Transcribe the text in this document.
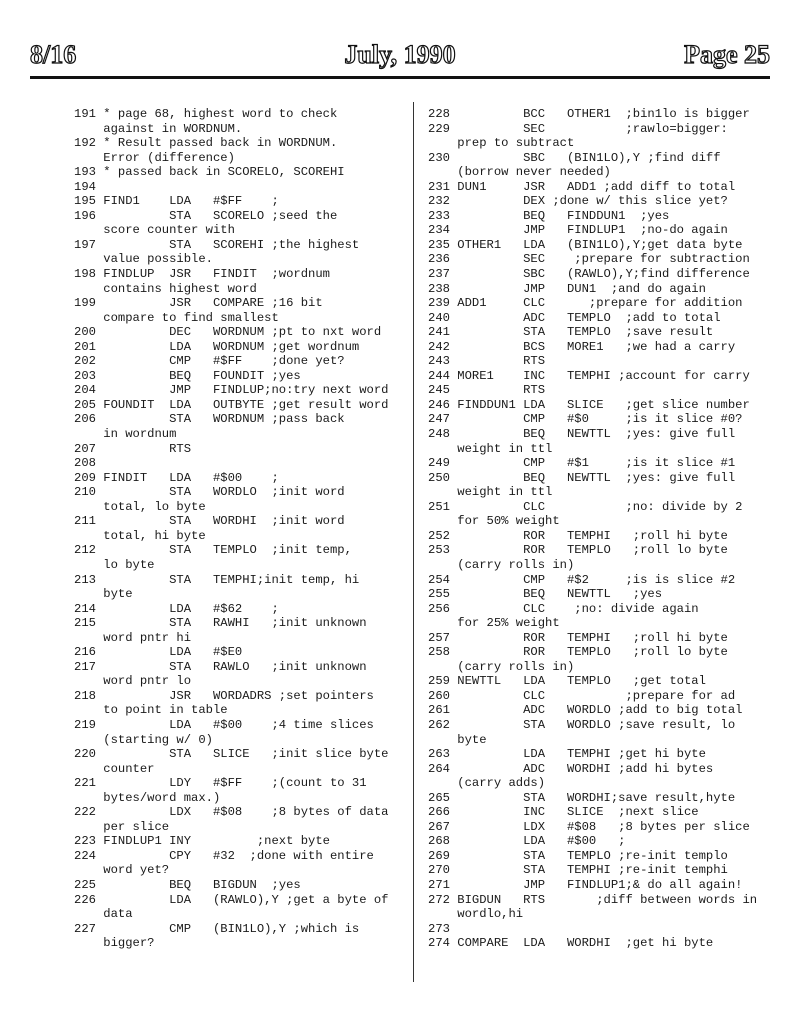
8/16	July, 1990	Page 25
191 * page 68, highest word to check
against in WORDNUM.
192 * Result passed back in WORDNUM.
Error (difference)
193 * passed back in SCORELO, SCOREHI
194
195 FIND1    LDA   #$FF    ;
196          STA   SCORELO ;seed the
score counter with
197          STA   SCOREHI ;the highest
value possible.
198 FINDLUP  JSR   FINDIT  ;wordnum
contains highest word
199          JSR   COMPARE ;16 bit
compare to find smallest
200          DEC   WORDNUM ;pt to nxt word
201          LDA   WORDNUM ;get wordnum
202          CMP   #$FF    ;done yet?
203          BEQ   FOUNDIT ;yes
204          JMP   FINDLUP;no:try next word
205 FOUNDIT  LDA   OUTBYTE ;get result word
206          STA   WORDNUM ;pass back
in wordnum
207          RTS
208
209 FINDIT   LDA   #$00    ;
210          STA   WORDLO  ;init word
total, lo byte
211          STA   WORDHI  ;init word
total, hi byte
212          STA   TEMPLO  ;init temp,
lo byte
213          STA   TEMPHI;init temp, hi
byte
214          LDA   #$62    ;
215          STA   RAWHI   ;init unknown
word pntr hi
216          LDA   #$E0
217          STA   RAWLO   ;init unknown
word pntr lo
218          JSR   WORDADRS ;set pointers
to point in table
219          LDA   #$00    ;4 time slices
(starting w/ 0)
220          STA   SLICE   ;init slice byte
counter
221          LDY   #$FF    ;(count to 31
bytes/word max.)
222          LDX   #$08    ;8 bytes of data
per slice
223 FINDLUP1 INY         ;next byte
224          CPY   #32  ;done with entire
word yet?
225          BEQ   BIGDUN  ;yes
226          LDA   (RAWLO),Y ;get a byte of
data
227          CMP   (BIN1LO),Y ;which is
bigger?
228          BCC   OTHER1  ;bin1lo is bigger
229          SEC           ;rawlo=bigger:
prep to subtract
230          SBC   (BIN1LO),Y ;find diff
(borrow never needed)
231 DUN1     JSR   ADD1 ;add diff to total
232          DEX ;done w/ this slice yet?
233          BEQ   FINDDUN1  ;yes
234          JMP   FINDLUP1  ;no-do again
235 OTHER1   LDA   (BIN1LO),Y;get data byte
236          SEC    ;prepare for subtraction
237          SBC   (RAWLO),Y;find difference
238          JMP   DUN1  ;and do again
239 ADD1     CLC      ;prepare for addition
240          ADC   TEMPLO  ;add to total
241          STA   TEMPLO  ;save result
242          BCS   MORE1   ;we had a carry
243          RTS
244 MORE1    INC   TEMPHI ;account for carry
245          RTS
246 FINDDUN1 LDA   SLICE   ;get slice number
247          CMP   #$0     ;is it slice #0?
248          BEQ   NEWTTL  ;yes: give full
weight in ttl
249          CMP   #$1     ;is it slice #1
250          BEQ   NEWTTL  ;yes: give full
weight in ttl
251          CLC           ;no: divide by 2
for 50% weight
252          ROR   TEMPHI   ;roll hi byte
253          ROR   TEMPLO   ;roll lo byte
(carry rolls in)
254          CMP   #$2     ;is is slice #2
255          BEQ   NEWTTL   ;yes
256          CLC    ;no: divide again
for 25% weight
257          ROR   TEMPHI   ;roll hi byte
258          ROR   TEMPLO   ;roll lo byte
(carry rolls in)
259 NEWTTL   LDA   TEMPLO   ;get total
260          CLC           ;prepare for ad
261          ADC   WORDLO ;add to big total
262          STA   WORDLO ;save result, lo
byte
263          LDA   TEMPHI ;get hi byte
264          ADC   WORDHI ;add hi bytes
(carry adds)
265          STA   WORDHI;save result,hyte
266          INC   SLICE  ;next slice
267          LDX   #$08   ;8 bytes per slice
268          LDA   #$00   ;
269          STA   TEMPLO ;re-init templo
270          STA   TEMPHI ;re-init temphi
271          JMP   FINDLUP1;& do all again!
272 BIGDUN   RTS       ;diff between words in
wordlo,hi
273
274 COMPARE  LDA   WORDHI  ;get hi byte
